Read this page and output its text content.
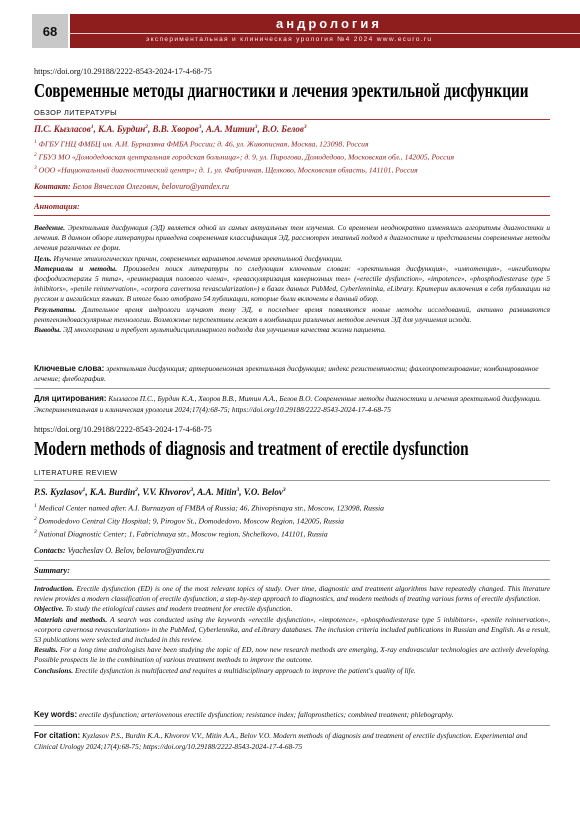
68	андрология
экспериментальная и клиническая урология №4 2024 www.ecuro.ru
https://doi.org/10.29188/2222-8543-2024-17-4-68-75
Современные методы диагностики и лечения эректильной дисфункции
ОБЗОР ЛИТЕРАТУРЫ
П.С. Кызласов$^1$, К.А. Бурдин$^2$, В.В. Хворов$^3$, А.А. Митин$^3$, В.О. Белов$^3$
$^1$ ФГБУ ГНЦ ФМБЦ им. А.И. Бурназяна ФМБА России; д. 46, ул. Живописная, Москва, 123098, Россия
$^2$ ГБУЗ МО «Домодедовская центральная городская больница»; д. 9, ул. Пирогова, Домодедово, Московская обл., 142005, Россия
$^3$ ООО «Национальный диагностический центр»; д. 1, ул. Фабричная, Щелково, Московская область, 141101, Россия
Контакт: Белов Вячеслав Олегович, belovuro@yandex.ru
Аннотация:

Введение. Эректильная дисфункция (ЭД) является одной из самых актуальных тем изучения. Со временем неоднократно изменялись алгоритмы диагностики и лечения. В данном обзоре литературы приведена современная классификация ЭД, рассмотрен этапный подход к диагностике и представлены современные методы лечения различных ее форм.

Цель. Изучение этиологических причин, современных вариантов лечения эректильной дисфункции.

Материалы и методы. Произведен поиск литературы по следующим ключевым словам: «эректильная дисфункция», «импотенция», «ингибиторы фосфодиэстеразы 5 типа», «реиннервация полового члена», «реваскуляризация кавернозных тел» («erectile dysfunction», «impotence», «phosphodiesterase type 5 inhibitors», «penile reinnervation», «corpora cavernosa revascularization») в базах данных PubMed, Cyberlenninka, eLibrary. Критерии включения в себя публикации на русском и английских языках. В итоге было отобрано 54 публикации, которые были включены в данный обзор.

Результаты. Длительное время андрологи изучают тему ЭД, в последнее время появляются новые методы исследований, активно развиваются рентгенэндоваскулярные технологии. Возможные перспективы лежат в комбинации различных методов лечения ЭД для улучшения исхода.

Выводы. ЭД многогранна и требует мультидисциплинарного подхода для улучшения качества жизни пациента.

Ключевые слова: эректильная дисфункция; артериовенозная эректильная дисфункция; индекс резистентности; фаллопротезирование; комбинированное лечение; флебография.
Для цитирования: Кызласов П.С., Бурдин К.А., Хворов В.В., Митин А.А., Белов В.О. Современные методы диагностики и лечения эректильной дисфункции. Экспериментальная и клиническая урология 2024;17(4):68-75; https://doi.org/10.29188/2222-8543-2024-17-4-68-75
https://doi.org/10.29188/2222-8543-2024-17-4-68-75
Modern methods of diagnosis and treatment of erectile dysfunction
LITERATURE REVIEW
P.S. Kyzlasov$^1$, K.A. Burdin$^2$, V.V. Khvorov$^3$, A.A. Mitin$^3$, V.O. Belov$^3$
$^1$ Medical Center named after. A.I. Burnazyan of FMBA of Russia; 46, Zhivopisnaya str., Moscow, 123098, Russia
$^2$ Domodedovo Central City Hospital; 9, Pirogov St., Domodedovo, Moscow Region, 142005, Russia
$^3$ National Diagnostic Center; 1, Fabrichnaya str., Moscow region, Shchelkovo, 141101, Russia
Contacts: Vyacheslav O. Belov, belovuro@yandex.ru
Summary:

Introduction. Erectile dysfunction (ED) is one of the most relevant topics of study. Over time, diagnostic and treatment algorithms have repeatedly changed. This literature review provides a modern classification of erectile dysfunction, a step-by-step approach to diagnostics, and modern methods of treating various forms of erectile dysfunction.

Objective. To study the etiological causes and modern treatment for erectile dysfunction.

Materials and methods. A search was conducted using the keywords «erectile dysfunction», «impotence», «phosphodiesterase type 5 inhibitors», «penile reinnervation», «corpora cavernosa revascularization» in the PubMed, Cyberlennika, and eLibrary databases. The inclusion criteria included publications in Russian and English. As a result, 53 publications were selected and included in this review.

Results. For a long time andrologists have been studying the topic of ED, now new research methods are emerging, X-ray endovascular technologies are actively developing. Possible prospects lie in the combination of various treatment methods to improve the outcome.

Conclusions. Erectile dysfunction is multifaceted and requires a multidisciplinary approach to improve the patient's quality of life.

Key words: erectile dysfunction; arteriovenous erectile dysfunction; resistance index; falloprosthetics; combined treatment; phlebography.
For citation: Kyzlasov P.S., Burdin K.A., Khvorov V.V., Mitin A.A., Belov V.O. Modern methods of diagnosis and treatment of erectile dysfunction. Experimental and Clinical Urology 2024;17(4):68-75; https://doi.org/10.29188/2222-8543-2024-17-4-68-75
